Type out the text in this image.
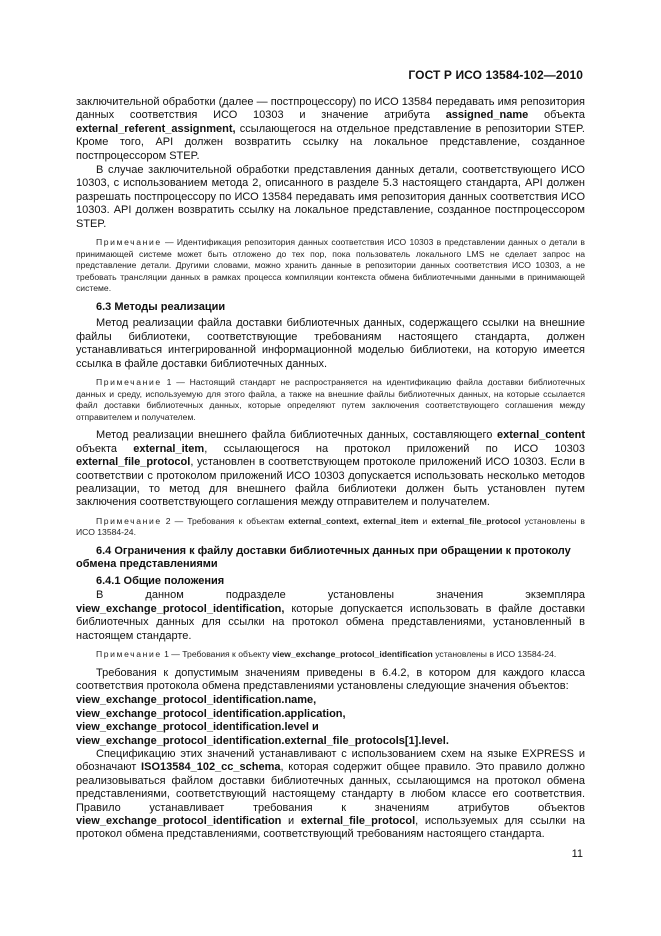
ГОСТ Р ИСО 13584-102—2010

заключительной обработки (далее — постпроцессору) по ИСО 13584 передавать имя репозитория данных соответствия ИСО 10303 и значение атрибута assigned_name объекта external_referent_assignment, ссылающегося на отдельное представление в репозитории STEP. Кроме того, API должен возвратить ссылку на локальное представление, созданное постпроцессором STEP.

В случае заключительной обработки представления данных детали, соответствующего ИСО 10303, с использованием метода 2, описанного в разделе 5.3 настоящего стандарта, API должен разрешать постпроцессору по ИСО 13584 передавать имя репозитория данных соответствия ИСО 10303. API должен возвратить ссылку на локальное представление, созданное постпроцессором STEP.

Примечание — Идентификация репозитория данных соответствия ИСО 10303 в представлении данных о детали в принимающей системе может быть отложено до тех пор, пока пользователь локального LMS не сделает запрос на представление детали. Другими словами, можно хранить данные в репозитории данных соответствия ИСО 10303, а не требовать трансляции данных в рамках процесса компиляции контекста обмена библиотечными данными в принимающей системе.

6.3 Методы реализации

Метод реализации файла доставки библиотечных данных, содержащего ссылки на внешние файлы библиотеки, соответствующие требованиям настоящего стандарта, должен устанавливаться интегрированной информационной моделью библиотеки, на которую имеется ссылка в файле доставки библиотечных данных.

Примечание 1 — Настоящий стандарт не распространяется на идентификацию файла доставки библиотечных данных и среду, используемую для этого файла, а также на внешние файлы библиотечных данных, на которые ссылается файл доставки библиотечных данных, которые определяют путем заключения соответствующего соглашения между отправителем и получателем.

Метод реализации внешнего файла библиотечных данных, составляющего external_content объекта external_item, ссылающегося на протокол приложений по ИСО 10303 external_file_protocol, установлен в соответствующем протоколе приложений ИСО 10303. Если в соответствии с протоколом приложений ИСО 10303 допускается использовать несколько методов реализации, то метод для внешнего файла библиотеки должен быть установлен путем заключения соответствующего соглашения между отправителем и получателем.

Примечание 2 — Требования к объектам external_context, external_item и external_file_protocol установлены в ИСО 13584-24.

6.4 Ограничения к файлу доставки библиотечных данных при обращении к протоколу обмена представлениями

6.4.1 Общие положения

В данном подразделе установлены значения экземпляра view_exchange_protocol_identification, которые допускается использовать в файле доставки библиотечных данных для ссылки на протокол обмена представлениями, установленный в настоящем стандарте.

Примечание 1 — Требования к объекту view_exchange_protocol_identification установлены в ИСО 13584-24.

Требования к допустимым значениям приведены в 6.4.2, в котором для каждого класса соответствия протокола обмена представлениями установлены следующие значения объектов:

view_exchange_protocol_identification.name,

view_exchange_protocol_identification.application,

view_exchange_protocol_identification.level и

view_exchange_protocol_identification.external_file_protocols[1].level.

Спецификацию этих значений устанавливают с использованием схем на языке EXPRESS и обозначают ISO13584_102_cc_schema, которая содержит общее правило. Это правило должно реализовываться файлом доставки библиотечных данных, ссылающимся на протокол обмена представлениями, соответствующий настоящему стандарту в любом классе его соответствия. Правило устанавливает требования к значениям атрибутов объектов view_exchange_protocol_identification и external_file_protocol, используемых для ссылки на протокол обмена представлениями, соответствующий требованиям настоящего стандарта.

11
